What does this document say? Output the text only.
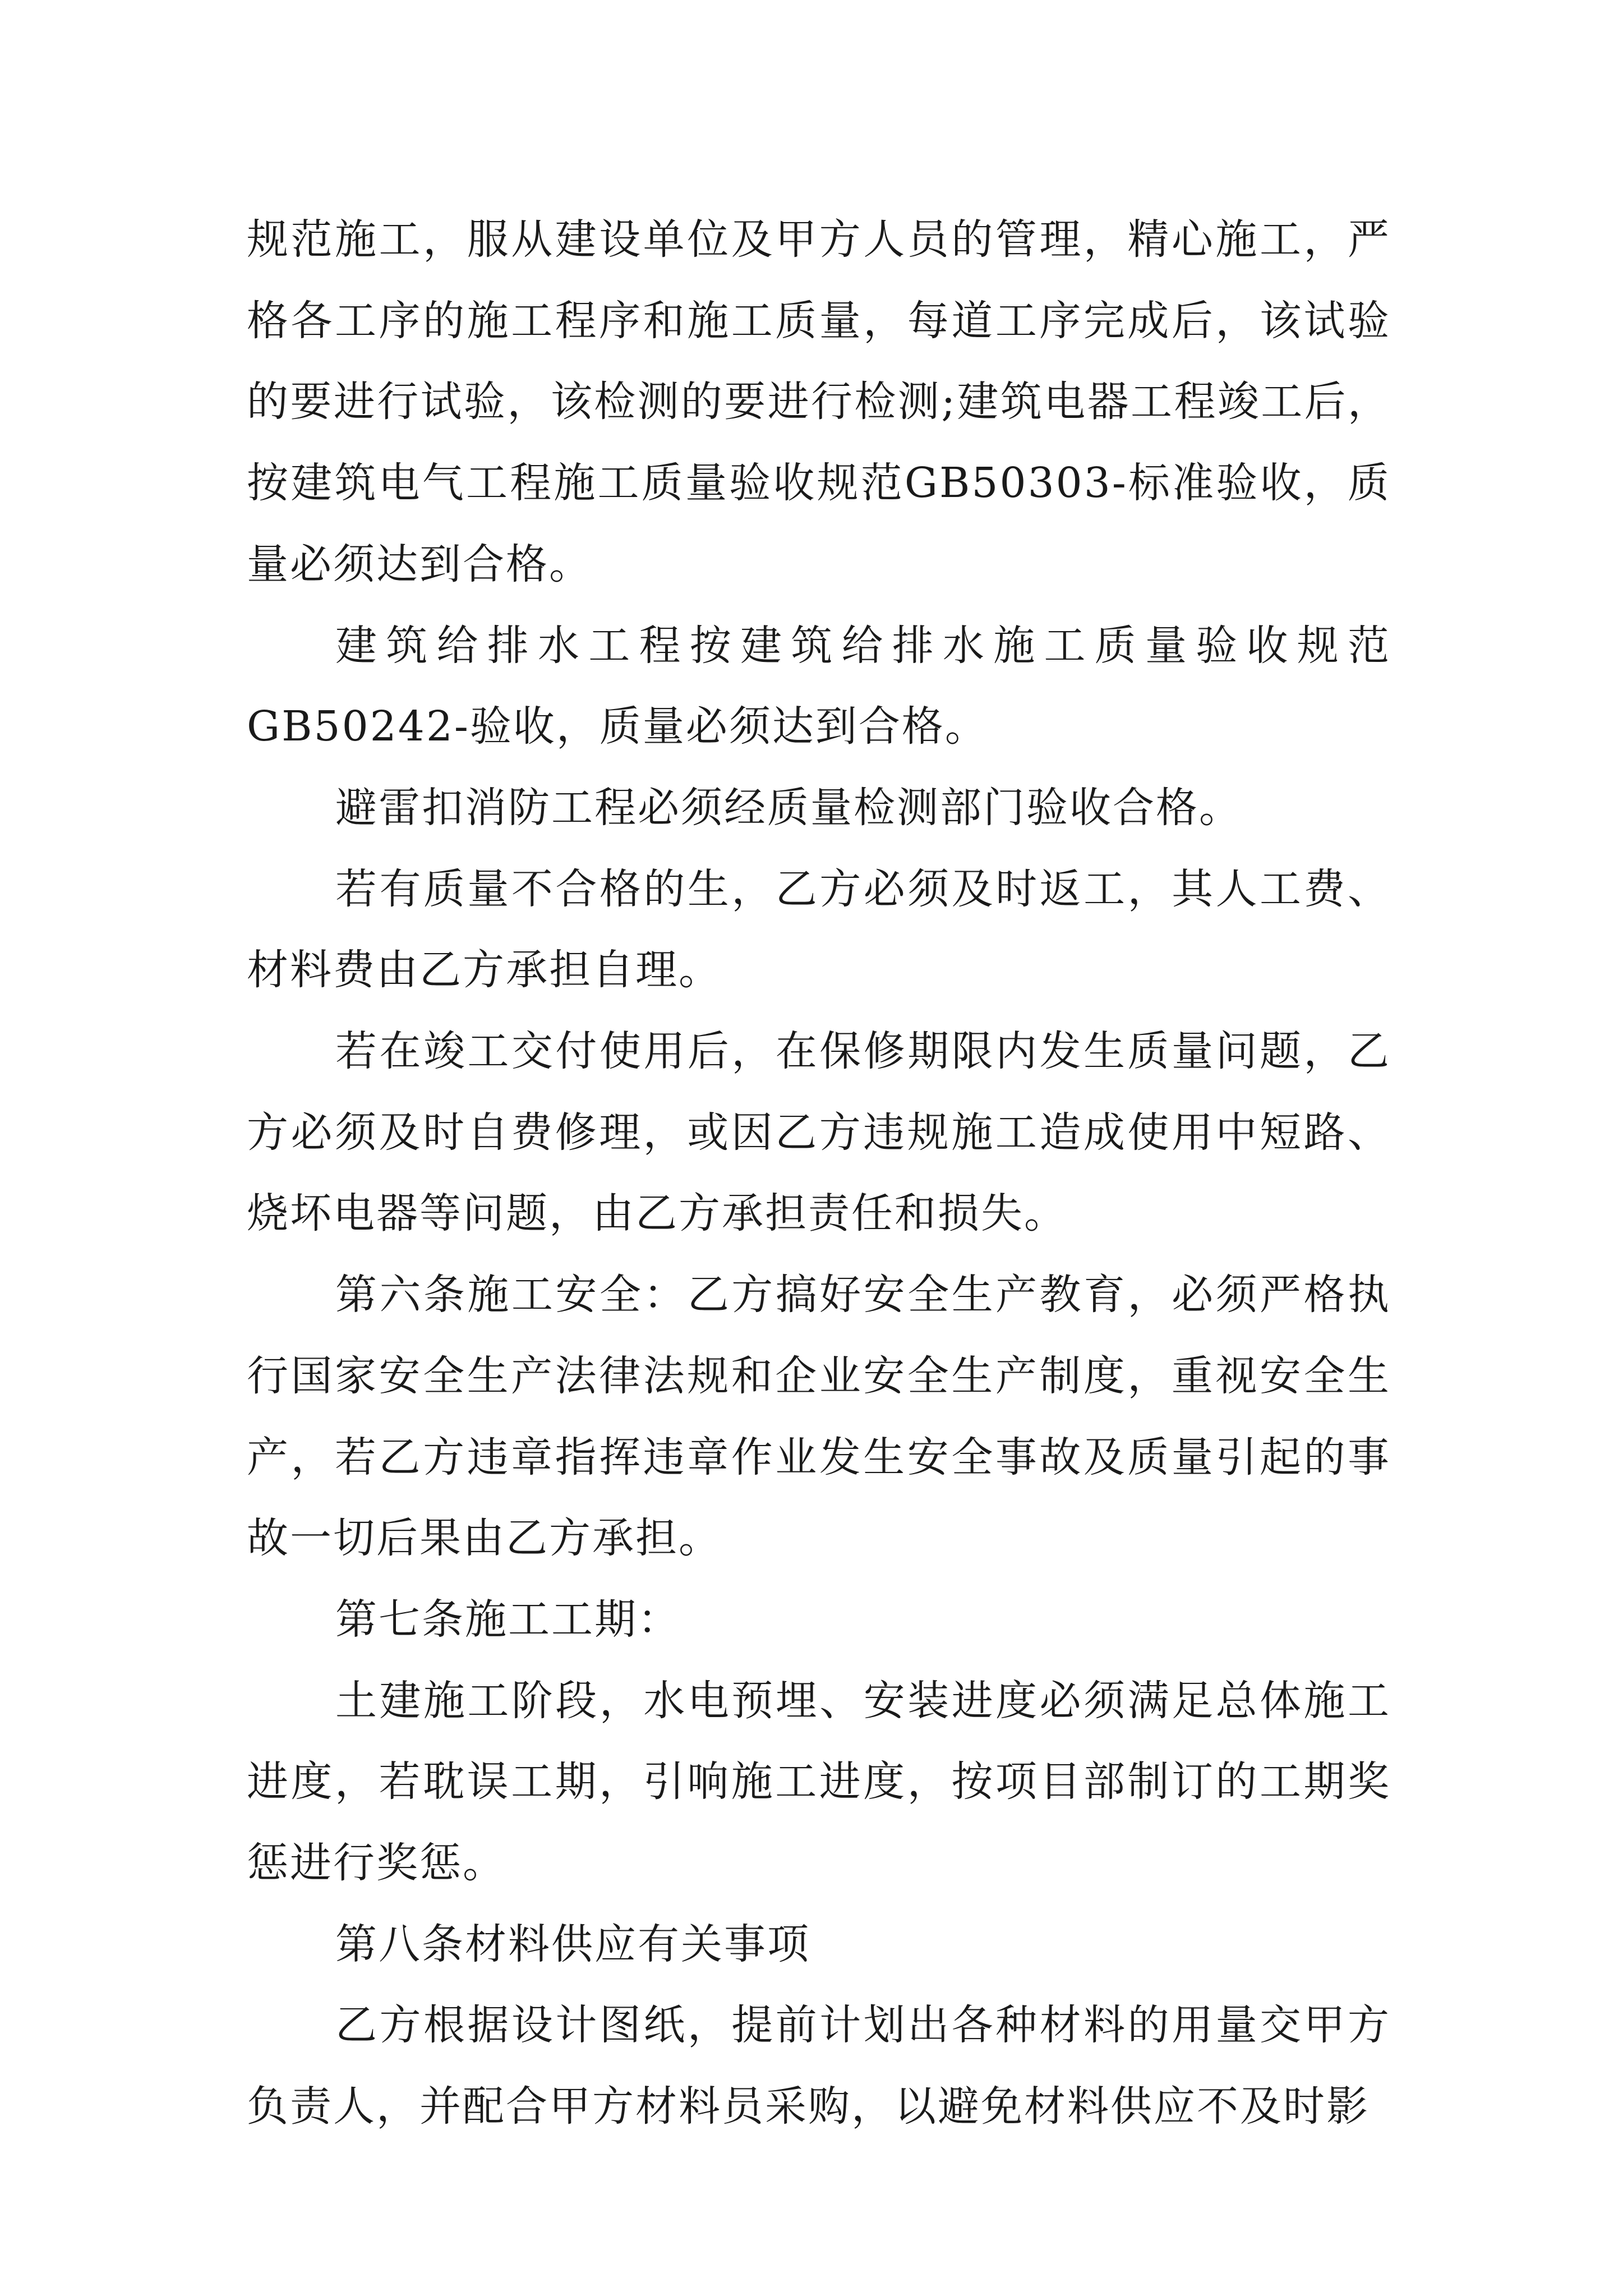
规范施工，服从建设单位及甲方人员的管理，精心施工，严格各工序的施工程序和施工质量，每道工序完成后，该试验的要进行试验，该检测的要进行检测;建筑电器工程竣工后，按建筑电气工程施工质量验收规范GB50303-标准验收，质量必须达到合格。

建筑给排水工程按建筑给排水施工质量验收规范GB50242-验收，质量必须达到合格。

避雷扣消防工程必须经质量检测部门验收合格。

若有质量不合格的生，乙方必须及时返工，其人工费、材料费由乙方承担自理。

若在竣工交付使用后，在保修期限内发生质量问题，乙方必须及时自费修理，或因乙方违规施工造成使用中短路、烧坏电器等问题，由乙方承担责任和损失。

第六条施工安全：乙方搞好安全生产教育，必须严格执行国家安全生产法律法规和企业安全生产制度，重视安全生产，若乙方违章指挥违章作业发生安全事故及质量引起的事故一切后果由乙方承担。

第七条施工工期：

土建施工阶段，水电预埋、安装进度必须满足总体施工进度，若耽误工期，引响施工进度，按项目部制订的工期奖惩进行奖惩。

第八条材料供应有关事项

乙方根据设计图纸，提前计划出各种材料的用量交甲方负责人，并配合甲方材料员采购，以避免材料供应不及时影
